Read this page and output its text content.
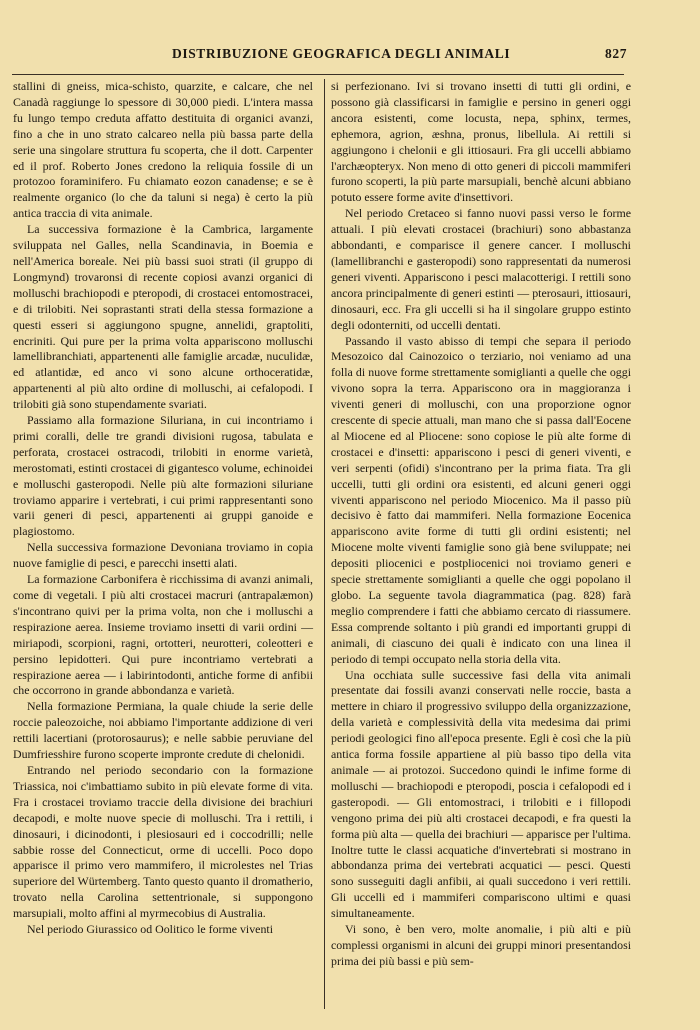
DISTRIBUZIONE GEOGRAFICA DEGLI ANIMALI	827

stallini di gneiss, mica-schisto, quarzite, e calcare, che nel Canadà raggiunge lo spessore di 30,000 piedi. L'intera massa fu lungo tempo creduta affatto destituita di organici avanzi, fino a che in uno strato calcareo nella più bassa parte della serie una singolare struttura fu scoperta, che il dott. Carpenter ed il prof. Roberto Jones credono la reliquia fossile di un protozoo foraminifero. Fu chiamato eozon canadense; e se è realmente organico (lo che da taluni si nega) è certo la più antica traccia di vita animale.

La successiva formazione è la Cambrica, largamente sviluppata nel Galles, nella Scandinavia, in Boemia e nell'America boreale. Nei più bassi suoi strati (il gruppo di Longmynd) trovaronsi di recente copiosi avanzi organici di molluschi brachiopodi e pteropodi, di crostacei entomostracei, e di trilobiti. Nei soprastanti strati della stessa formazione a questi esseri si aggiungono spugne, annelidi, graptoliti, encriniti. Qui pure per la prima volta appariscono molluschi lamellibranchiati, appartenenti alle famiglie arcadæ, nuculidæ, ed atlantidæ, ed anco vi sono alcune orthoceratidæ, appartenenti al più alto ordine di molluschi, ai cefalopodi. I trilobiti già sono stupendamente svariati.

Passiamo alla formazione Siluriana, in cui incontriamo i primi coralli, delle tre grandi divisioni rugosa, tabulata e perforata, crostacei ostracodi, trilobiti in enorme varietà, merostomati, estinti crostacei di gigantesco volume, echinoidei e molluschi gasteropodi. Nelle più alte formazioni siluriane troviamo apparire i vertebrati, i cui primi rappresentanti sono varii generi di pesci, appartenenti ai gruppi ganoide e plagiostomo.

Nella successiva formazione Devoniana troviamo in copia nuove famiglie di pesci, e parecchi insetti alati.

La formazione Carbonifera è ricchissima di avanzi animali, come di vegetali. I più alti crostacei macruri (antrapalæmon) s'incontrano quivi per la prima volta, non che i molluschi a respirazione aerea. Insieme troviamo insetti di varii ordini — miriapodi, scorpioni, ragni, ortotteri, neurotteri, coleotteri e persino lepidotteri. Qui pure incontriamo vertebrati a respirazione aerea — i labirintodonti, antiche forme di anfibii che occorrono in grande abbondanza e varietà.

Nella formazione Permiana, la quale chiude la serie delle roccie paleozoiche, noi abbiamo l'importante addizione di veri rettili lacertiani (protorosaurus); e nelle sabbie peruviane del Dumfriesshire furono scoperte impronte credute di chelonidi.

Entrando nel periodo secondario con la formazione Triassica, noi c'imbattiamo subito in più elevate forme di vita. Fra i crostacei troviamo traccie della divisione dei brachiuri decapodi, e molte nuove specie di molluschi. Tra i rettili, i dinosauri, i dicinodonti, i plesiosauri ed i coccodrilli; nelle sabbie rosse del Connecticut, orme di uccelli. Poco dopo apparisce il primo vero mammifero, il microlestes nel Trias superiore del Würtemberg. Tanto questo quanto il dromatherio, trovato nella Carolina settentrionale, si suppongono marsupiali, molto affini al myrmecobius di Australia.

Nel periodo Giurassico od Oolitico le forme viventi

si perfezionano. Ivi si trovano insetti di tutti gli ordini, e possono già classificarsi in famiglie e persino in generi oggi ancora esistenti, come locusta, nepa, sphinx, termes, ephemora, agrion, æshna, pronus, libellula. Ai rettili si aggiungono i chelonii e gli ittiosauri. Fra gli uccelli abbiamo l'archæopteryx. Non meno di otto generi di piccoli mammiferi furono scoperti, la più parte marsupiali, benchè alcuni abbiano potuto essere forme avite d'insettivori.

Nel periodo Cretaceo si fanno nuovi passi verso le forme attuali. I più elevati crostacei (brachiuri) sono abbastanza abbondanti, e comparisce il genere cancer. I molluschi (lamellibranchi e gasteropodi) sono rappresentati da numerosi generi viventi. Appariscono i pesci malacotterigi. I rettili sono ancora principalmente di generi estinti — pterosauri, ittiosauri, dinosauri, ecc. Fra gli uccelli si ha il singolare gruppo estinto degli odonterniti, od uccelli dentati.

Passando il vasto abisso di tempi che separa il periodo Mesozoico dal Cainozoico o terziario, noi veniamo ad una folla di nuove forme strettamente somiglianti a quelle che oggi vivono sopra la terra. Appariscono ora in maggioranza i viventi generi di molluschi, con una proporzione ognor crescente di specie attuali, man mano che si passa dall'Eocene al Miocene ed al Pliocene: sono copiose le più alte forme di crostacei e d'insetti: appariscono i pesci di generi viventi, e veri serpenti (ofidi) s'incontrano per la prima fiata. Tra gli uccelli, tutti gli ordini ora esistenti, ed alcuni generi oggi viventi appariscono nel periodo Miocenico. Ma il passo più decisivo è fatto dai mammiferi. Nella formazione Eocenica appariscono avite forme di tutti gli ordini esistenti; nel Miocene molte viventi famiglie sono già bene sviluppate; nei depositi pliocenici e postpliocenici noi troviamo generi e specie strettamente somiglianti a quelle che oggi popolano il globo. La seguente tavola diagrammatica (pag. 828) farà meglio comprendere i fatti che abbiamo cercato di riassumere. Essa comprende soltanto i più grandi ed importanti gruppi di animali, di ciascuno dei quali è indicato con una linea il periodo di tempi occupato nella storia della vita.

Una occhiata sulle successive fasi della vita animali presentate dai fossili avanzi conservati nelle roccie, basta a mettere in chiaro il progressivo sviluppo della organizzazione, della varietà e complessività della vita medesima dai primi periodi geologici fino all'epoca presente. Egli è così che la più antica forma fossile appartiene al più basso tipo della vita animale — ai protozoi. Succedono quindi le infime forme di molluschi — brachiopodi e pteropodi, poscia i cefalopodi ed i gasteropodi. — Gli entomostraci, i trilobiti e i fillopodi vengono prima dei più alti crostacei decapodi, e fra questi la forma più alta — quella dei brachiuri — apparisce per l'ultima. Inoltre tutte le classi acquatiche d'invertebrati si mostrano in abbondanza prima dei vertebrati acquatici — pesci. Questi sono susseguiti dagli anfibii, ai quali succedono i veri rettili. Gli uccelli ed i mammiferi compariscono ultimi e quasi simultaneamente.

Vi sono, è ben vero, molte anomalie, i più alti e più complessi organismi in alcuni dei gruppi minori presentandosi prima dei più bassi e più sem-
